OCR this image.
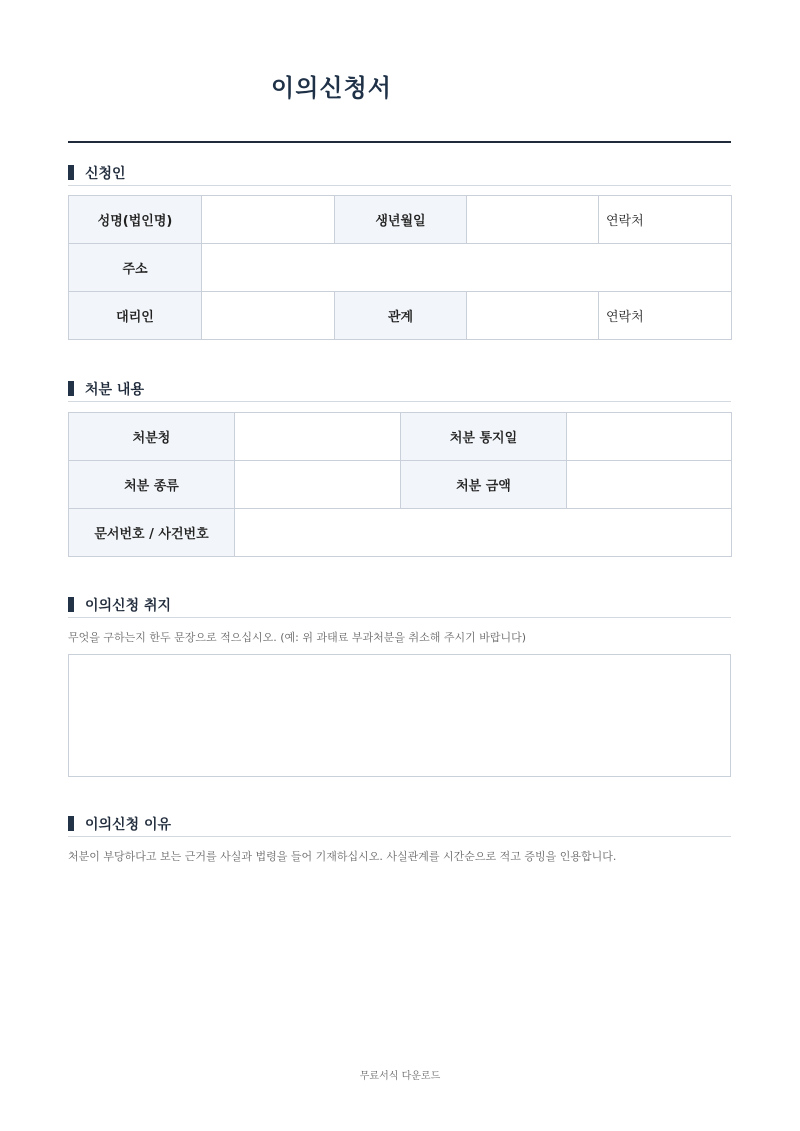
이의신청서
신청인
성명(법인명)		생년월일		연락처
주소				
대리인		관계		연락처
처분 내용
처분청		처분 통지일	
처분 종류		처분 금액	
문서번호 / 사건번호			
이의신청 취지
무엇을 구하는지 한두 문장으로 적으십시오. (예: 위 과태료 부과처분을 취소해 주시기 바랍니다)
이의신청 이유
처분이 부당하다고 보는 근거를 사실과 법령을 들어 기재하십시오. 사실관계를 시간순으로 적고 증빙을 인용합니다.
무료서식 다운로드
